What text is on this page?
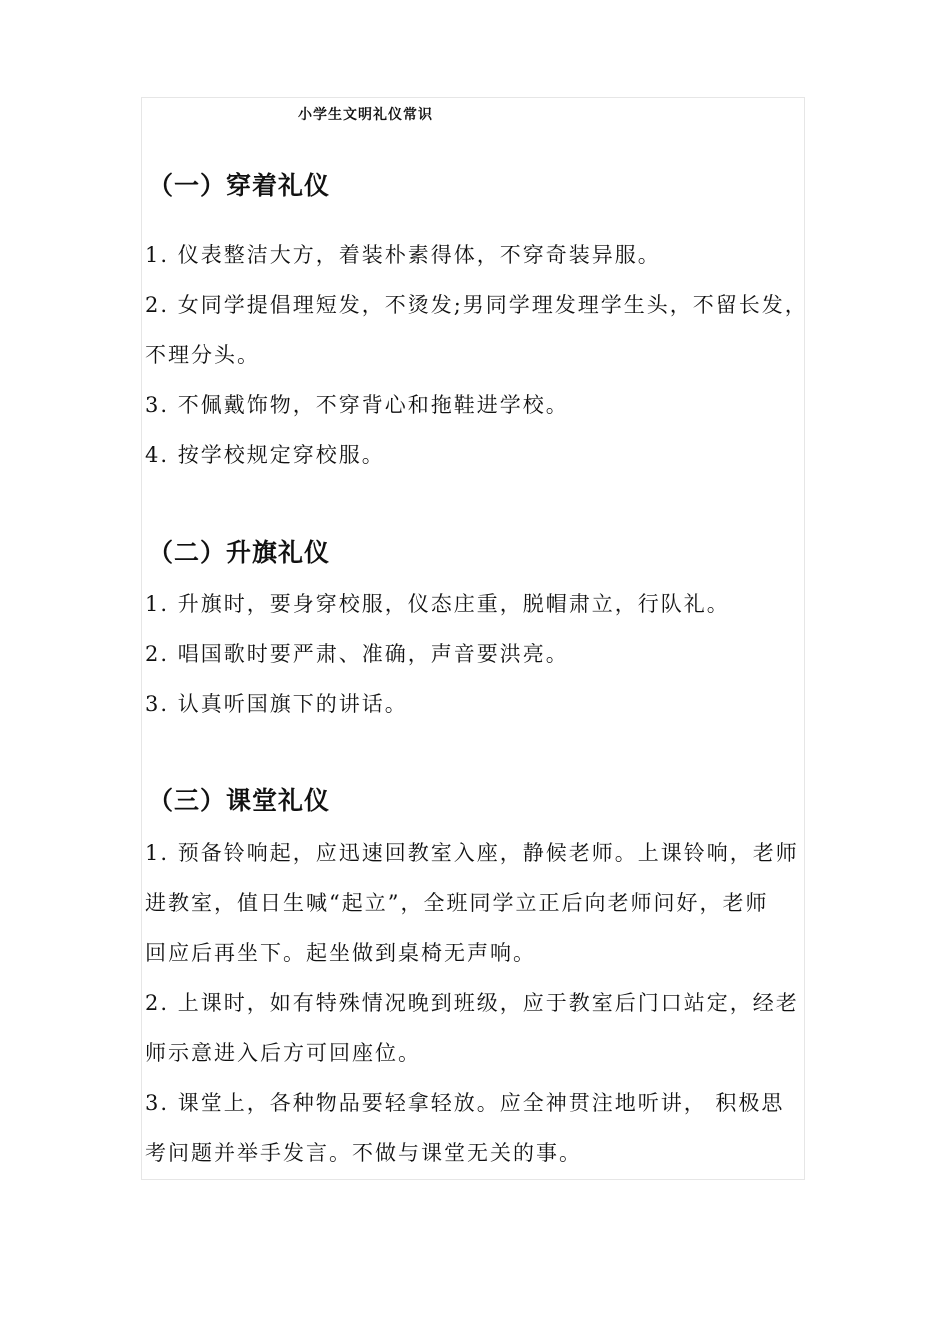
小学生文明礼仪常识
（一）穿着礼仪
1. 仪表整洁大方，着装朴素得体，不穿奇装异服。
2. 女同学提倡理短发，不烫发;男同学理发理学生头，不留长发，
不理分头。
3. 不佩戴饰物，不穿背心和拖鞋进学校。
4. 按学校规定穿校服。
（二）升旗礼仪
1. 升旗时，要身穿校服，仪态庄重，脱帽肃立，行队礼。
2. 唱国歌时要严肃、准确，声音要洪亮。
3. 认真听国旗下的讲话。
（三）课堂礼仪
1. 预备铃响起，应迅速回教室入座，静候老师。上课铃响，老师
进教室，值日生喊“起立”，全班同学立正后向老师问好，老师
回应后再坐下。起坐做到桌椅无声响。
2. 上课时，如有特殊情况晚到班级，应于教室后门口站定，经老
师示意进入后方可回座位。
3. 课堂上，各种物品要轻拿轻放。应全神贯注地听讲， 积极思
考问题并举手发言。不做与课堂无关的事。
